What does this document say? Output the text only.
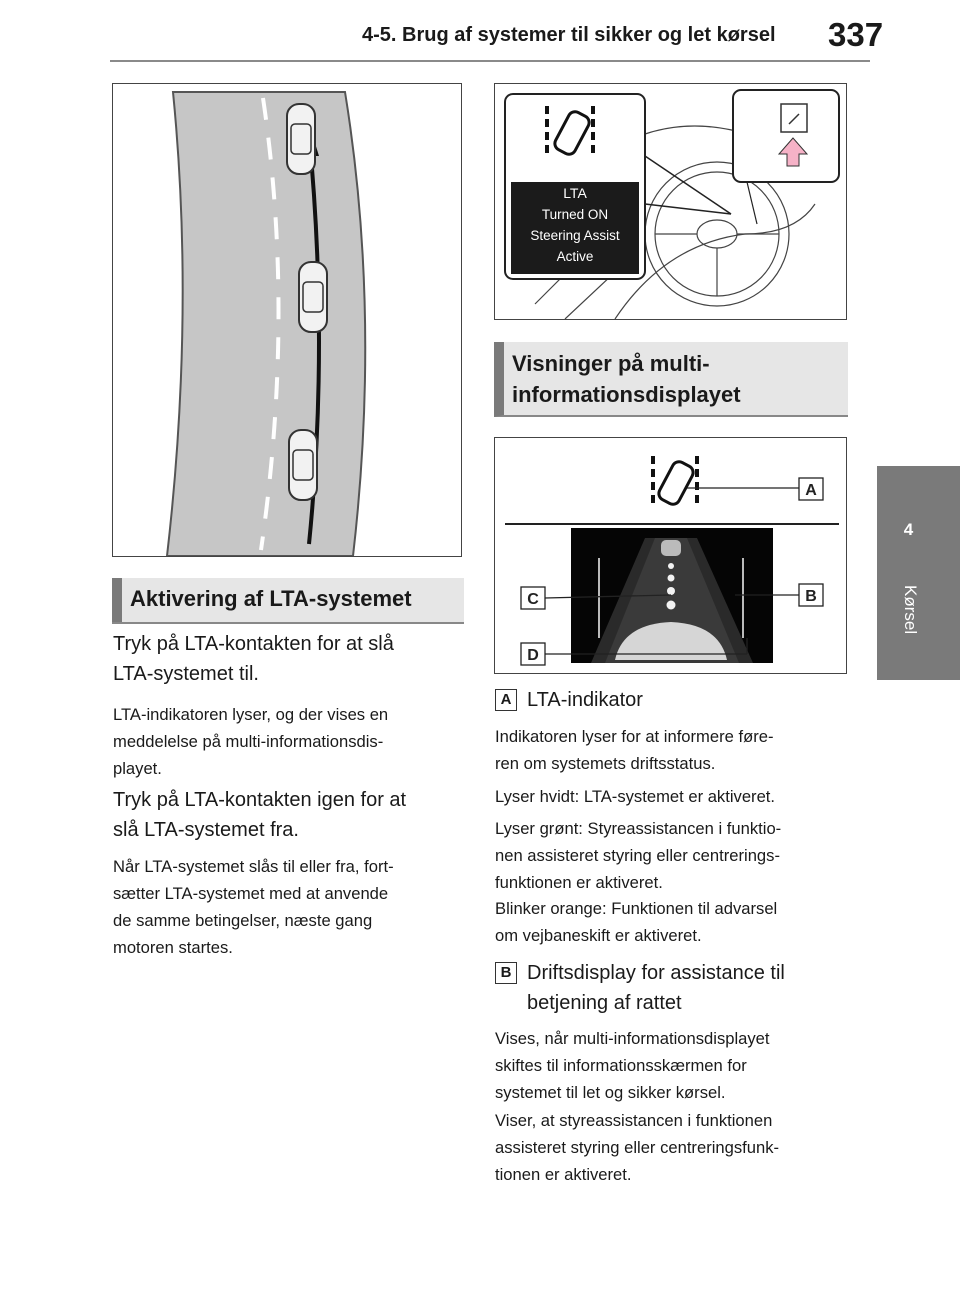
4-5. Brug af systemer til sikker og let kørsel 337
4
Kørsel
LTA
Turned ON
Steering Assist
Active
Aktivering af LTA-systemet
Tryk på LTA-kontakten for at slå
LTA-systemet til.
LTA-indikatoren lyser, og der vises en
meddelelse på multi-informationsdis-
playet.
Tryk på LTA-kontakten igen for at
slå LTA-systemet fra.
Når LTA-systemet slås til eller fra, fort-
sætter LTA-systemet med at anvende
de samme betingelser, næste gang
motoren startes.
Visninger på multi-
informationsdisplayet
A
B
C
D
A LTA-indikator
Indikatoren lyser for at informere føre-
ren om systemets driftsstatus.
Lyser hvidt: LTA-systemet er aktiveret.
Lyser grønt: Styreassistancen i funktio-
nen assisteret styring eller centrerings-
funktionen er aktiveret.
Blinker orange: Funktionen til advarsel
om vejbaneskift er aktiveret.
B Driftsdisplay for assistance til
betjening af rattet
Vises, når multi-informationsdisplayet
skiftes til informationsskærmen for
systemet til let og sikker kørsel.
Viser, at styreassistancen i funktionen
assisteret styring eller centreringsfunk-
tionen er aktiveret.
